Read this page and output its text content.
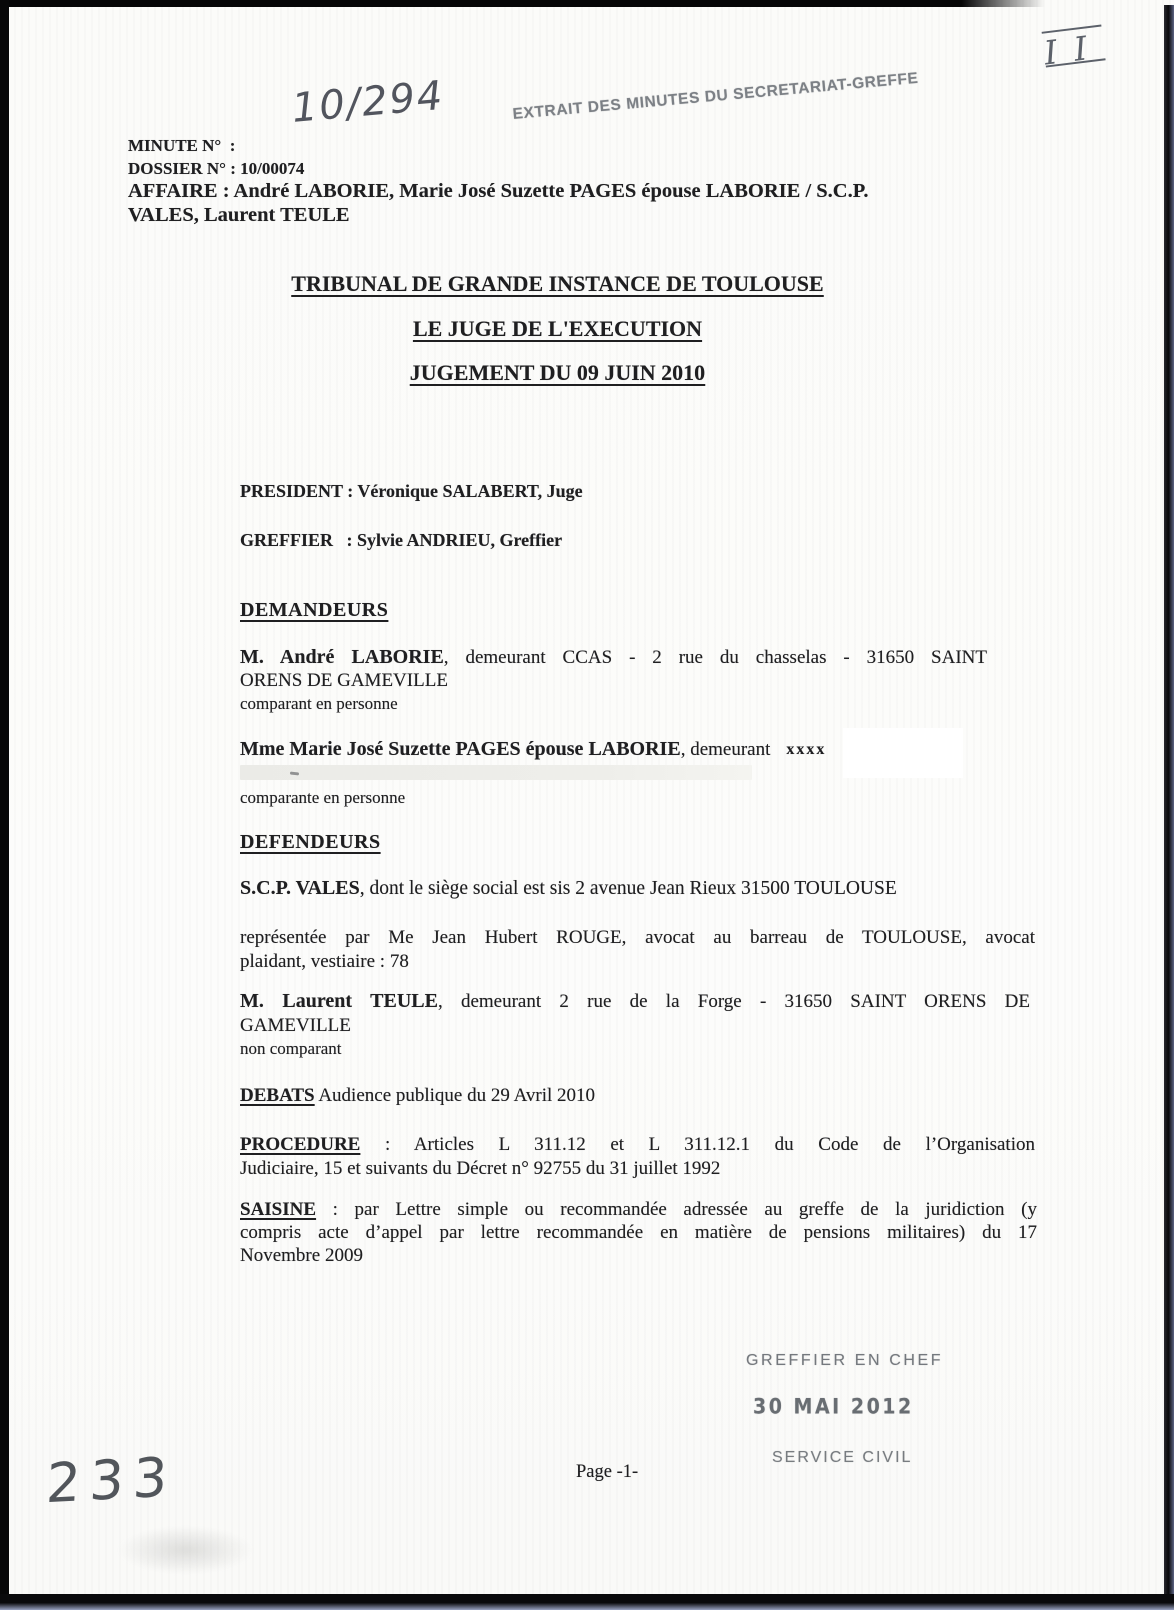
10/294	EXTRAIT DES MINUTES DU SECRETARIAT-GREFFE
II
MINUTE N°  :
DOSSIER N° : 10/00074
AFFAIRE : André LABORIE, Marie José Suzette PAGES épouse LABORIE / S.C.P.
VALES, Laurent TEULE
TRIBUNAL DE GRANDE INSTANCE DE TOULOUSE
LE JUGE DE L'EXECUTION
JUGEMENT DU 09 JUIN 2010
PRESIDENT : Véronique SALABERT, Juge
GREFFIER   : Sylvie ANDRIEU, Greffier
DEMANDEURS
M. André LABORIE, demeurant CCAS - 2 rue du chasselas - 31650 SAINT
ORENS DE GAMEVILLE
comparant en personne
Mme Marie José Suzette PAGES épouse LABORIE, demeurant xxxx
comparante en personne
DEFENDEURS
S.C.P. VALES, dont le siège social est sis 2 avenue Jean Rieux 31500 TOULOUSE
représentée par Me Jean Hubert ROUGE, avocat au barreau de TOULOUSE, avocat
plaidant, vestiaire : 78
M. Laurent TEULE, demeurant 2 rue de la Forge - 31650 SAINT ORENS DE
GAMEVILLE
non comparant
DEBATS Audience publique du 29 Avril 2010
PROCEDURE : Articles L 311.12 et L 311.12.1 du Code de l’Organisation
Judiciaire, 15 et suivants du Décret n° 92755 du 31 juillet 1992
SAISINE : par Lettre simple ou recommandée adressée au greffe de la juridiction (y
compris acte d’appel par lettre recommandée en matière de pensions militaires) du 17
Novembre 2009
GREFFIER EN CHEF
30 MAI 2012
SERVICE CIVIL
Page -1-
233
